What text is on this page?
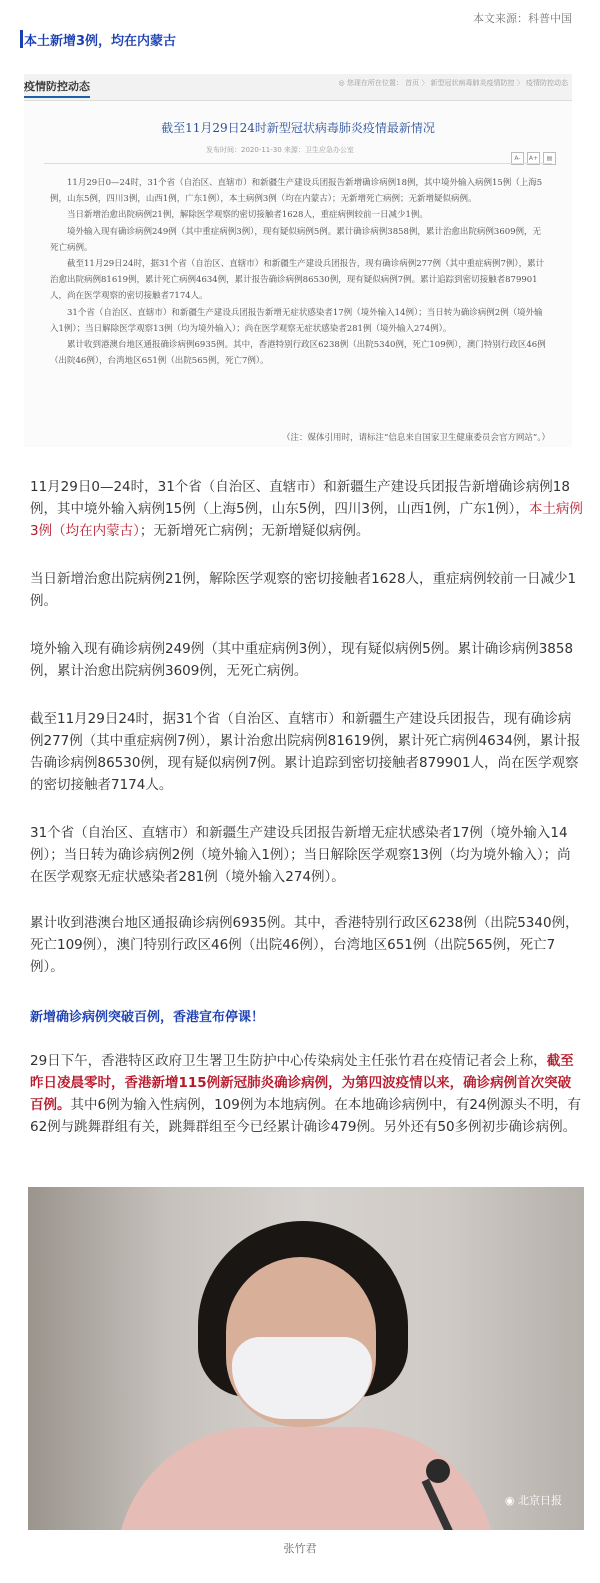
本文来源：科普中国
本土新增3例，均在内蒙古
疫情防控动态	◎ 您现在所在位置： 首页 〉 新型冠状病毒肺炎疫情防控 〉 疫情防控动态
截至11月29日24时新型冠状病毒肺炎疫情最新情况
发布时间：2020-11-30 来源：卫生应急办公室
A- A+ ▤

11月29日0—24时，31个省（自治区、直辖市）和新疆生产建设兵团报告新增确诊病例18例，其中境外输入病例15例（上海5例，山东5例，四川3例，山西1例，广东1例），本土病例3例（均在内蒙古）；无新增死亡病例；无新增疑似病例。

当日新增治愈出院病例21例，解除医学观察的密切接触者1628人，重症病例较前一日减少1例。

境外输入现有确诊病例249例（其中重症病例3例），现有疑似病例5例。累计确诊病例3858例，累计治愈出院病例3609例，无死亡病例。

截至11月29日24时，据31个省（自治区、直辖市）和新疆生产建设兵团报告，现有确诊病例277例（其中重症病例7例），累计治愈出院病例81619例，累计死亡病例4634例，累计报告确诊病例86530例，现有疑似病例7例。累计追踪到密切接触者879901人，尚在医学观察的密切接触者7174人。

31个省（自治区、直辖市）和新疆生产建设兵团报告新增无症状感染者17例（境外输入14例）；当日转为确诊病例2例（境外输入1例）；当日解除医学观察13例（均为境外输入）；尚在医学观察无症状感染者281例（境外输入274例）。

累计收到港澳台地区通报确诊病例6935例。其中，香港特别行政区6238例（出院5340例，死亡109例），澳门特别行政区46例（出院46例），台湾地区651例（出院565例，死亡7例）。

（注：媒体引用时，请标注“信息来自国家卫生健康委员会官方网站”。）

11月29日0—24时，31个省（自治区、直辖市）和新疆生产建设兵团报告新增确诊病例18例，其中境外输入病例15例（上海5例，山东5例，四川3例，山西1例，广东1例），本土病例3例（均在内蒙古）；无新增死亡病例；无新增疑似病例。

当日新增治愈出院病例21例，解除医学观察的密切接触者1628人，重症病例较前一日减少1例。

境外输入现有确诊病例249例（其中重症病例3例），现有疑似病例5例。累计确诊病例3858例，累计治愈出院病例3609例，无死亡病例。

截至11月29日24时，据31个省（自治区、直辖市）和新疆生产建设兵团报告，现有确诊病例277例（其中重症病例7例），累计治愈出院病例81619例，累计死亡病例4634例，累计报告确诊病例86530例，现有疑似病例7例。累计追踪到密切接触者879901人，尚在医学观察的密切接触者7174人。

31个省（自治区、直辖市）和新疆生产建设兵团报告新增无症状感染者17例（境外输入14例）；当日转为确诊病例2例（境外输入1例）；当日解除医学观察13例（均为境外输入）；尚在医学观察无症状感染者281例（境外输入274例）。

累计收到港澳台地区通报确诊病例6935例。其中，香港特别行政区6238例（出院5340例，死亡109例），澳门特别行政区46例（出院46例），台湾地区651例（出院565例，死亡7例）。

新增确诊病例突破百例，香港宣布停课！

29日下午，香港特区政府卫生署卫生防护中心传染病处主任张竹君在疫情记者会上称，截至昨日凌晨零时，香港新增115例新冠肺炎确诊病例，为第四波疫情以来，确诊病例首次突破百例。其中6例为输入性病例，109例为本地病例。在本地确诊病例中，有24例源头不明，有62例与跳舞群组有关，跳舞群组至今已经累计确诊479例。另外还有50多例初步确诊病例。

◉ 北京日报
张竹君
